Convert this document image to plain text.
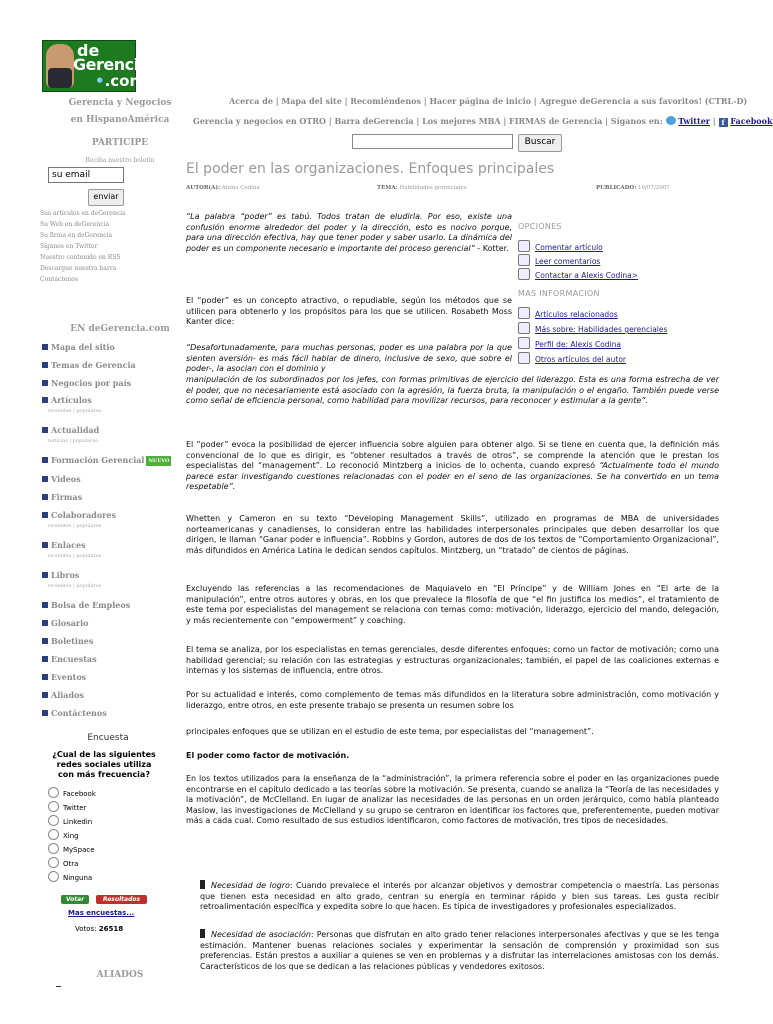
de
Gerencia
•.com
Gerencia y Negocios
en HispanoAmérica
PARTICIPE
Reciba nuestro boletín
su email
enviar
Sus artículos en deGerencia
Su Web en deGerencia
Su firma en deGerencia
Síganos en Twitter
Nuestro contenido en RSS
Descargue nuestra barra
Contáctenos
EN deGerencia.com
Mapa del sitio
Temas de Gerencia
Negocios por país
Artículos
recientes | populares
Actualidad
noticias | populares
Formación Gerencial NUEVO
Videos
Firmas
Colaboradores
recientes | populares
Enlaces
recientes | populares
Libros
recientes | populares
Bolsa de Empleos
Glosario
Boletines
Encuestas
Eventos
Aliados
Contáctenos
Encuesta
¿Cual de las siguientes redes sociales utiliza con más frecuencia?
Facebook
Twitter
Linkedin
Xing
MySpace
Otra
Ninguna
Votar	Resultados
Mas encuestas...
Votos: 26518
ALIADOS
Acerca de | Mapa del site | Recomiéndenos | Hacer página de inicio | Agregue deGerencia a sus favoritos! (CTRL-D)
Gerencia y negocios en OTRO | Barra deGerencia | Los mejores MBA | FIRMAS de Gerencia | Síganos en: Twitter | f Facebook
Buscar
El poder en las organizaciones. Enfoques principales
AUTOR(A): Alexis Codina	TEMA: Habilidades gerenciales	PUBLICADO: 10/07/2007
“La palabra “poder” es tabú. Todos tratan de eludirla. Por eso, existe una confusión enorme alrededor del poder y la dirección, esto es nocivo porque, para una dirección efectiva, hay que tener poder y saber usarlo. La dinámica del poder es un componente necesario e importante del proceso gerencial” - Kotter.
El “poder” es un concepto atractivo, o repudiable, según los métodos que se utilicen para obtenerlo y los propósitos para los que se utilicen. Rosabeth Moss Kanter dice:
“Desafortunadamente, para muchas personas, poder es una palabra por la que sienten aversión- es más fácil hablar de dinero, inclusive de sexo, que sobre el poder-, la asocian con el dominio y
manipulación de los subordinados por los jefes, con formas primitivas de ejercicio del liderazgo. Esta es una forma estrecha de ver el poder, que no necesariamente está asociado con la agresión, la fuerza bruta, la manipulación o el engaño. También puede verse como señal de eficiencia personal, como habilidad para movilizar recursos, para reconocer y estimular a la gente”.
El “poder” evoca la posibilidad de ejercer influencia sobre alguien para obtener algo. Si se tiene en cuenta que, la definición más convencional de lo que es dirigir, es “obtener resultados a través de otros”, se comprende la atención que le prestan los especialistas del “management”. Lo reconoció Mintzberg a inicios de lo ochenta, cuando expresó “Actualmente todo el mundo parece estar investigando cuestiones relacionadas con el poder en el seno de las organizaciones. Se ha convertido en un tema respetable”.
Whetten y Cameron en su texto “Developing Management Skills”, utilizado en programas de MBA de universidades norteamericanas y canadienses, lo consideran entre las habilidades interpersonales principales que deben desarrollar los que dirigen, le llaman “Ganar poder e influencia”. Robbins y Gordon, autores de dos de los textos de “Comportamiento Organizacional”, más difundidos en América Latina le dedican sendos capítulos. Mintzberg, un “tratado” de cientos de páginas.
Excluyendo las referencias a las recomendaciones de Maquiavelo en “El Príncipe” y de William Jones en “El arte de la manipulación”, entre otros autores y obras, en los que prevalece la filosofía de que “el fin justifica los medios”, el tratamiento de este tema por especialistas del management se relaciona con temas como: motivación, liderazgo, ejercicio del mando, delegación, y más recientemente con “empowerment” y coaching.
El tema se analiza, por los especialistas en temas gerenciales, desde diferentes enfoques: como un factor de motivación; como una habilidad gerencial; su relación con las estrategias y estructuras organizacionales; también, el papel de las coaliciones externas e internas y los sistemas de influencia, entre otros.
Por su actualidad e interés, como complemento de temas más difundidos en la literatura sobre administración, como motivación y liderazgo, entre otros, en este presente trabajo se presenta un resumen sobre los
principales enfoques que se utilizan en el estudio de este tema, por especialistas del “management”.
El poder como factor de motivación.
En los textos utilizados para la enseñanza de la “administración”, la primera referencia sobre el poder en las organizaciones puede encontrarse en el capítulo dedicado a las teorías sobre la motivación. Se presenta, cuando se analiza la “Teoría de las necesidades y la motivación”, de McClelland. En lugar de analizar las necesidades de las personas en un orden jerárquico, como había planteado Maslow, las investigaciones de McClelland y su grupo se centraron en identificar los factores que, preferentemente, pueden motivar más a cada cual. Como resultado de sus estudios identificaron, como factores de motivación, tres tipos de necesidades.
Necesidad de logro: Cuando prevalece el interés por alcanzar objetivos y demostrar competencia o maestría. Las personas que tienen esta necesidad en alto grado, centran su energía en terminar rápido y bien sus tareas. Les gusta recibir retroalimentación específica y expedita sobre lo que hacen. Es típica de investigadores y profesionales especializados.
Necesidad de asociación: Personas que disfrutan en alto grado tener relaciones interpersonales afectivas y que se les tenga estimación. Mantener buenas relaciones sociales y experimentar la sensación de comprensión y proximidad son sus preferencias. Están prestos a auxiliar a quienes se ven en problemas y a disfrutar las interrelaciones amistosas con los demás. Característicos de los que se dedican a las relaciones públicas y vendedores exitosos.
OPCIONES
Comentar artículo
Leer comentarios
Contactar a Alexis Codina>
MAS INFORMACION
Artículos relacionados
Más sobre: Habilidades gerenciales
Perfil de: Alexis Codina
Otros artículos del autor
